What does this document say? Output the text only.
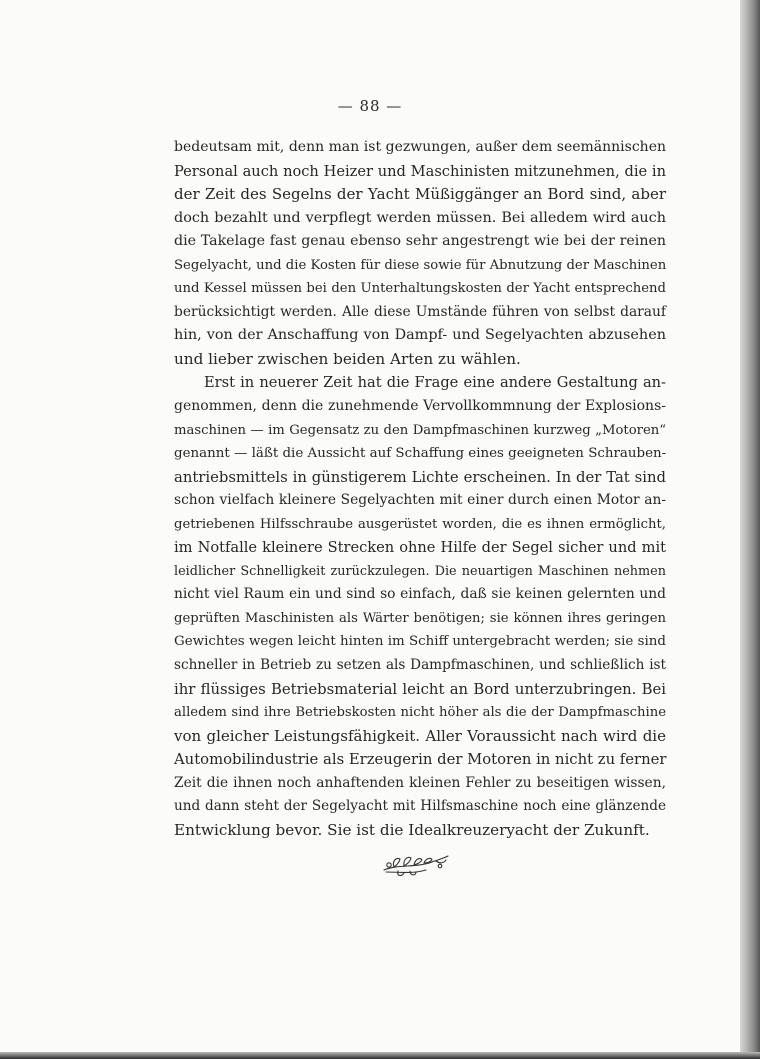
— 88 —
bedeutsam mit, denn man ist gezwungen, außer dem seemännischen
Personal auch noch Heizer und Maschinisten mitzunehmen, die in
der Zeit des Segelns der Yacht Müßiggänger an Bord sind, aber
doch bezahlt und verpflegt werden müssen. Bei alledem wird auch
die Takelage fast genau ebenso sehr angestrengt wie bei der reinen
Segelyacht, und die Kosten für diese sowie für Abnutzung der Maschinen
und Kessel müssen bei den Unterhaltungskosten der Yacht entsprechend
berücksichtigt werden. Alle diese Umstände führen von selbst darauf
hin, von der Anschaffung von Dampf- und Segelyachten abzusehen
und lieber zwischen beiden Arten zu wählen.
Erst in neuerer Zeit hat die Frage eine andere Gestaltung an-
genommen, denn die zunehmende Vervollkommnung der Explosions-
maschinen — im Gegensatz zu den Dampfmaschinen kurzweg „Motoren“
genannt — läßt die Aussicht auf Schaffung eines geeigneten Schrauben-
antriebsmittels in günstigerem Lichte erscheinen. In der Tat sind
schon vielfach kleinere Segelyachten mit einer durch einen Motor an-
getriebenen Hilfsschraube ausgerüstet worden, die es ihnen ermöglicht,
im Notfalle kleinere Strecken ohne Hilfe der Segel sicher und mit
leidlicher Schnelligkeit zurückzulegen. Die neuartigen Maschinen nehmen
nicht viel Raum ein und sind so einfach, daß sie keinen gelernten und
geprüften Maschinisten als Wärter benötigen; sie können ihres geringen
Gewichtes wegen leicht hinten im Schiff untergebracht werden; sie sind
schneller in Betrieb zu setzen als Dampfmaschinen, und schließlich ist
ihr flüssiges Betriebsmaterial leicht an Bord unterzubringen. Bei
alledem sind ihre Betriebskosten nicht höher als die der Dampfmaschine
von gleicher Leistungsfähigkeit. Aller Voraussicht nach wird die
Automobilindustrie als Erzeugerin der Motoren in nicht zu ferner
Zeit die ihnen noch anhaftenden kleinen Fehler zu beseitigen wissen,
und dann steht der Segelyacht mit Hilfsmaschine noch eine glänzende
Entwicklung bevor. Sie ist die Idealkreuzeryacht der Zukunft.
